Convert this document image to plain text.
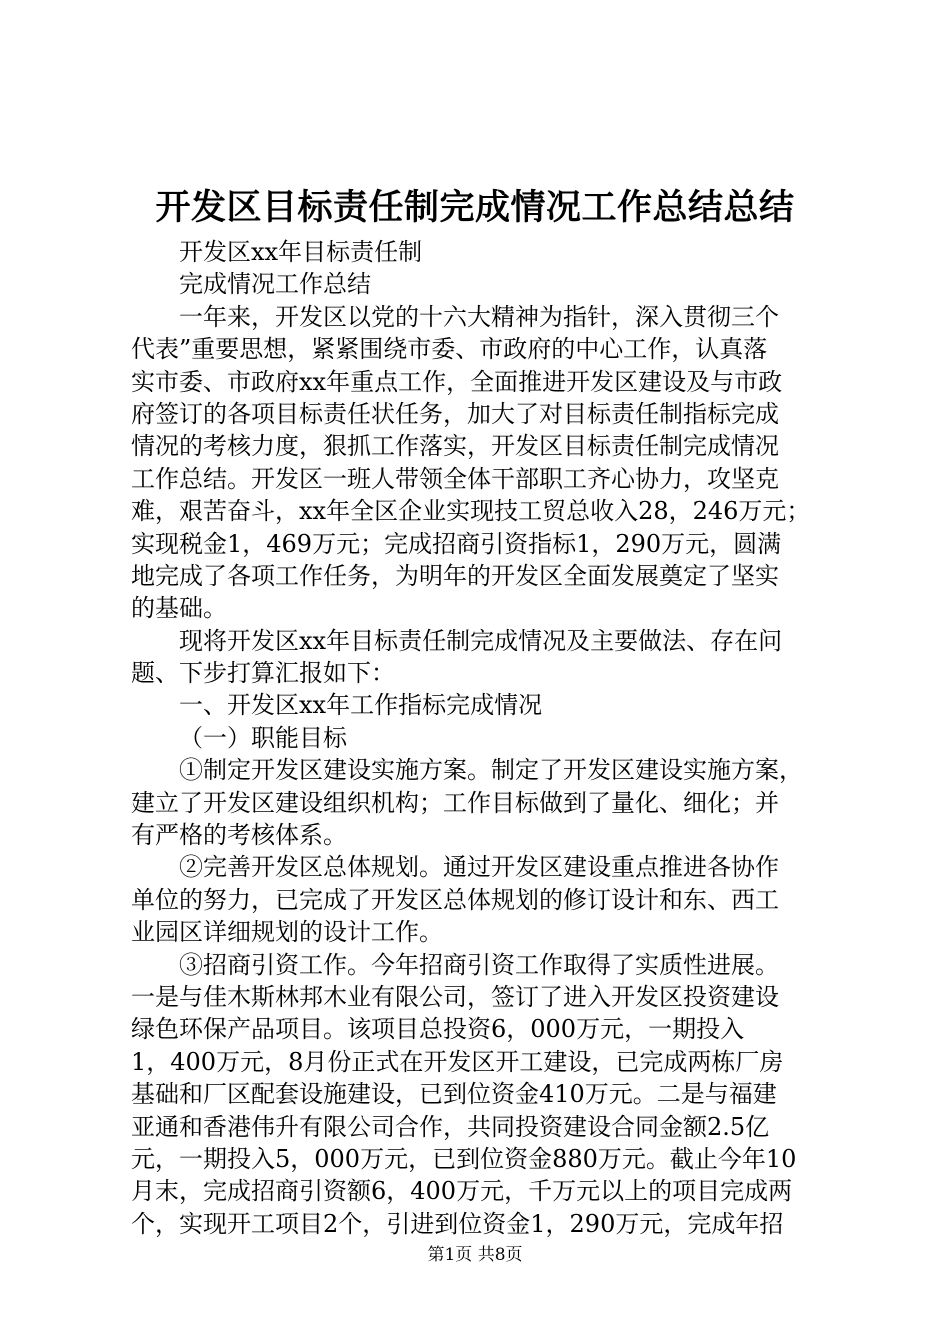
开发区目标责任制完成情况工作总结总结
开发区xx年目标责任制
完成情况工作总结
一年来，开发区以党的十六大精神为指针，深入贯彻三个
代表”重要思想，紧紧围绕市委、市政府的中心工作，认真落
实市委、市政府xx年重点工作，全面推进开发区建设及与市政
府签订的各项目标责任状任务，加大了对目标责任制指标完成
情况的考核力度，狠抓工作落实，开发区目标责任制完成情况
工作总结。开发区一班人带领全体干部职工齐心协力，攻坚克
难，艰苦奋斗，xx年全区企业实现技工贸总收入28，246万元；
实现税金1，469万元；完成招商引资指标1，290万元，圆满
地完成了各项工作任务，为明年的开发区全面发展奠定了坚实
的基础。
现将开发区xx年目标责任制完成情况及主要做法、存在问
题、下步打算汇报如下：
一、开发区xx年工作指标完成情况
（一）职能目标
①制定开发区建设实施方案。制定了开发区建设实施方案，
建立了开发区建设组织机构；工作目标做到了量化、细化；并
有严格的考核体系。
②完善开发区总体规划。通过开发区建设重点推进各协作
单位的努力，已完成了开发区总体规划的修订设计和东、西工
业园区详细规划的设计工作。
③招商引资工作。今年招商引资工作取得了实质性进展。
一是与佳木斯林邦木业有限公司，签订了进入开发区投资建设
绿色环保产品项目。该项目总投资6，000万元，一期投入
1，400万元，8月份正式在开发区开工建设，已完成两栋厂房
基础和厂区配套设施建设，已到位资金410万元。二是与福建
亚通和香港伟升有限公司合作，共同投资建设合同金额2.5亿
元，一期投入5，000万元，已到位资金880万元。截止今年10
月末，完成招商引资额6，400万元，千万元以上的项目完成两
个，实现开工项目2个，引进到位资金1，290万元，完成年招
第1页 共8页
